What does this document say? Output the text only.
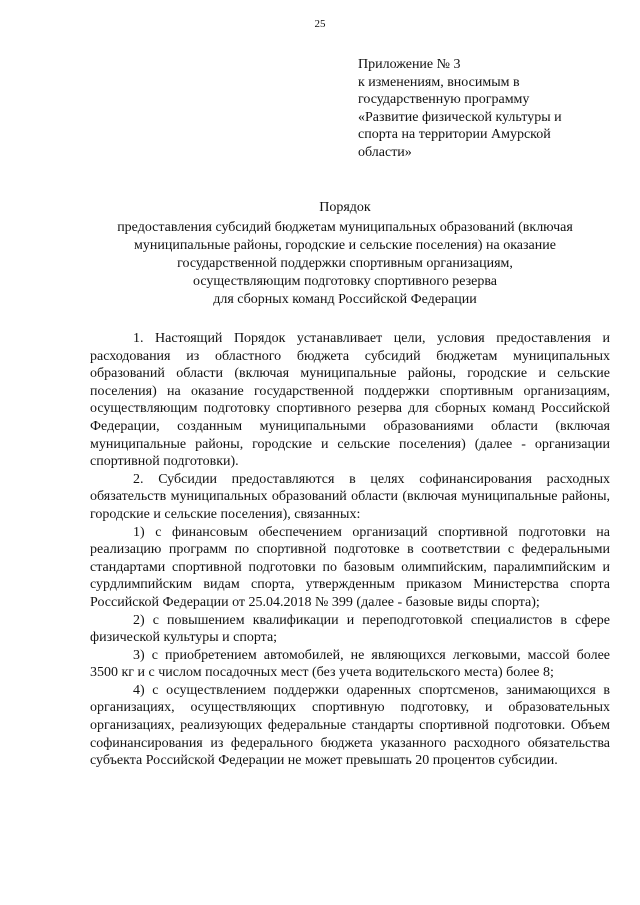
25
Приложение № 3
к изменениям, вносимым в
государственную программу
«Развитие физической культуры и
спорта на территории Амурской
области»
Порядок
предоставления субсидий бюджетам муниципальных образований (включая
муниципальные районы, городские и сельские поселения) на оказание
государственной поддержки спортивным организациям,
осуществляющим подготовку спортивного резерва
для сборных команд Российской Федерации

1. Настоящий Порядок устанавливает цели, условия предоставления и расходования из областного бюджета субсидий бюджетам муниципальных образований области (включая муниципальные районы, городские и сельские поселения) на оказание государственной поддержки спортивным организациям, осуществляющим подготовку спортивного резерва для сборных команд Российской Федерации, созданным муниципальными образованиями области (включая муниципальные районы, городские и сельские поселения) (далее - организации спортивной подготовки).

2. Субсидии предоставляются в целях софинансирования расходных обязательств муниципальных образований области (включая муниципальные районы, городские и сельские поселения), связанных:

1) с финансовым обеспечением организаций спортивной подготовки на реализацию программ по спортивной подготовке в соответствии с федеральными стандартами спортивной подготовки по базовым олимпийским, паралимпийским и сурдлимпийским видам спорта, утвержденным приказом Министерства спорта Российской Федерации от 25.04.2018 № 399 (далее - базовые виды спорта);

2) с повышением квалификации и переподготовкой специалистов в сфере физической культуры и спорта;

3) с приобретением автомобилей, не являющихся легковыми, массой более 3500 кг и с числом посадочных мест (без учета водительского места) более 8;

4) с осуществлением поддержки одаренных спортсменов, занимающихся в организациях, осуществляющих спортивную подготовку, и образовательных организациях, реализующих федеральные стандарты спортивной подготовки. Объем софинансирования из федерального бюджета указанного расходного обязательства субъекта Российской Федерации не может превышать 20 процентов субсидии.
